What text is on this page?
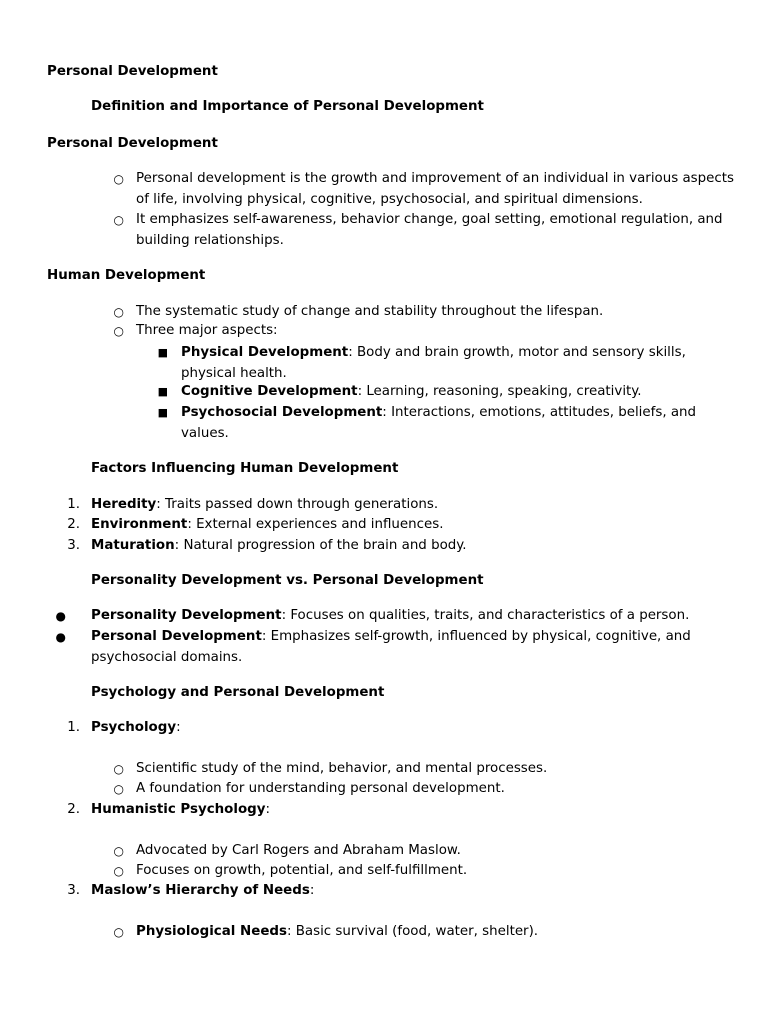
Personal Development
Definition and Importance of Personal Development
Personal Development
○ Personal development is the growth and improvement of an individual in various aspects of life, involving physical, cognitive, psychosocial, and spiritual dimensions.
○ It emphasizes self-awareness, behavior change, goal setting, emotional regulation, and building relationships.
Human Development
○ The systematic study of change and stability throughout the lifespan.
○ Three major aspects:
■ Physical Development: Body and brain growth, motor and sensory skills, physical health.
■ Cognitive Development: Learning, reasoning, speaking, creativity.
■ Psychosocial Development: Interactions, emotions, attitudes, beliefs, and values.
Factors Influencing Human Development
1. Heredity: Traits passed down through generations.
2. Environment: External experiences and influences.
3. Maturation: Natural progression of the brain and body.
Personality Development vs. Personal Development
● Personality Development: Focuses on qualities, traits, and characteristics of a person.
● Personal Development: Emphasizes self-growth, influenced by physical, cognitive, and psychosocial domains.
Psychology and Personal Development
1. Psychology:
○ Scientific study of the mind, behavior, and mental processes.
○ A foundation for understanding personal development.
2. Humanistic Psychology:
○ Advocated by Carl Rogers and Abraham Maslow.
○ Focuses on growth, potential, and self-fulfillment.
3. Maslow’s Hierarchy of Needs:
○ Physiological Needs: Basic survival (food, water, shelter).
